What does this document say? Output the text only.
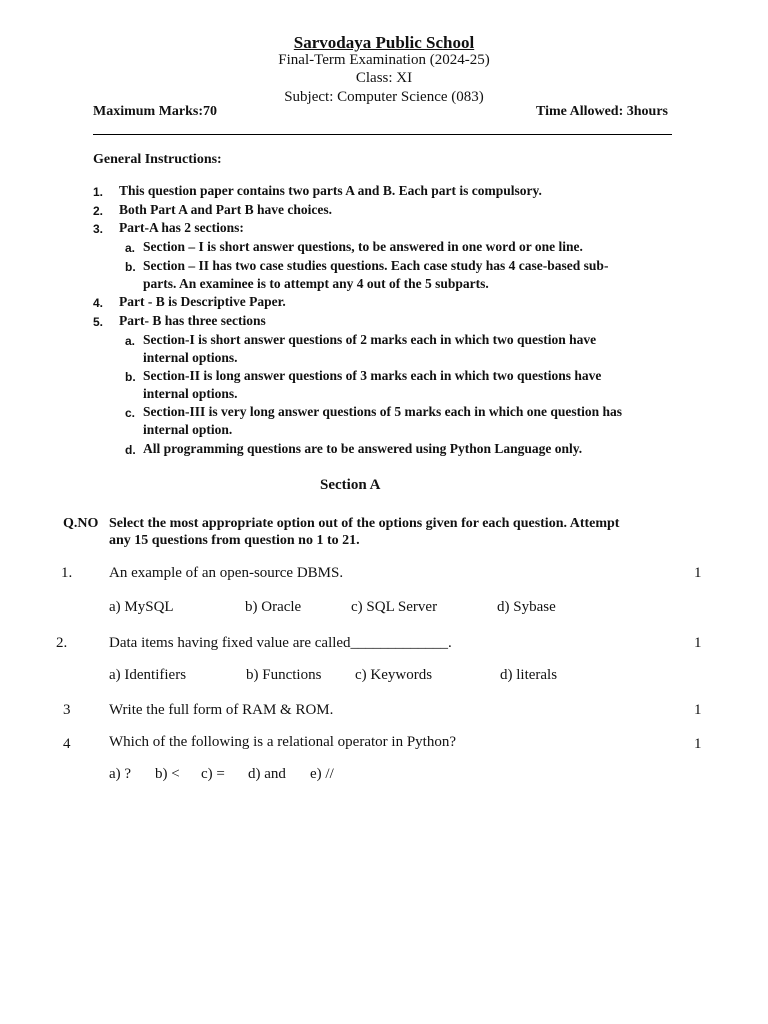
Sarvodaya Public School
Final-Term Examination (2024-25)
Class: XI
Subject: Computer Science (083)
Maximum Marks:70	Time Allowed: 3hours
General Instructions:
1. This question paper contains two parts A and B. Each part is compulsory.
2. Both Part A and Part B have choices.
3. Part-A has 2 sections:
a. Section – I is short answer questions, to be answered in one word or one line.
b. Section – II has two case studies questions. Each case study has 4 case-based sub-
parts. An examinee is to attempt any 4 out of the 5 subparts.
4. Part - B is Descriptive Paper.
5. Part- B has three sections
a. Section-I is short answer questions of 2 marks each in which two question have
internal options.
b. Section-II is long answer questions of 3 marks each in which two questions have
internal options.
c. Section-III is very long answer questions of 5 marks each in which one question has
internal option.
d. All programming questions are to be answered using Python Language only.
Section A
Q.NO Select the most appropriate option out of the options given for each question. Attempt
any 15 questions from question no 1 to 21.
1. An example of an open-source DBMS.	1
a) MySQL	b) Oracle	c) SQL Server	d) Sybase
2.	Data items having fixed value are called_____________.	1
a) Identifiers	b) Functions c) Keywords	d) literals
3	Write the full form of RAM & ROM.	1
4	Which of the following is a relational operator in Python?	1
a) ? b) < c) = d) and e) //
